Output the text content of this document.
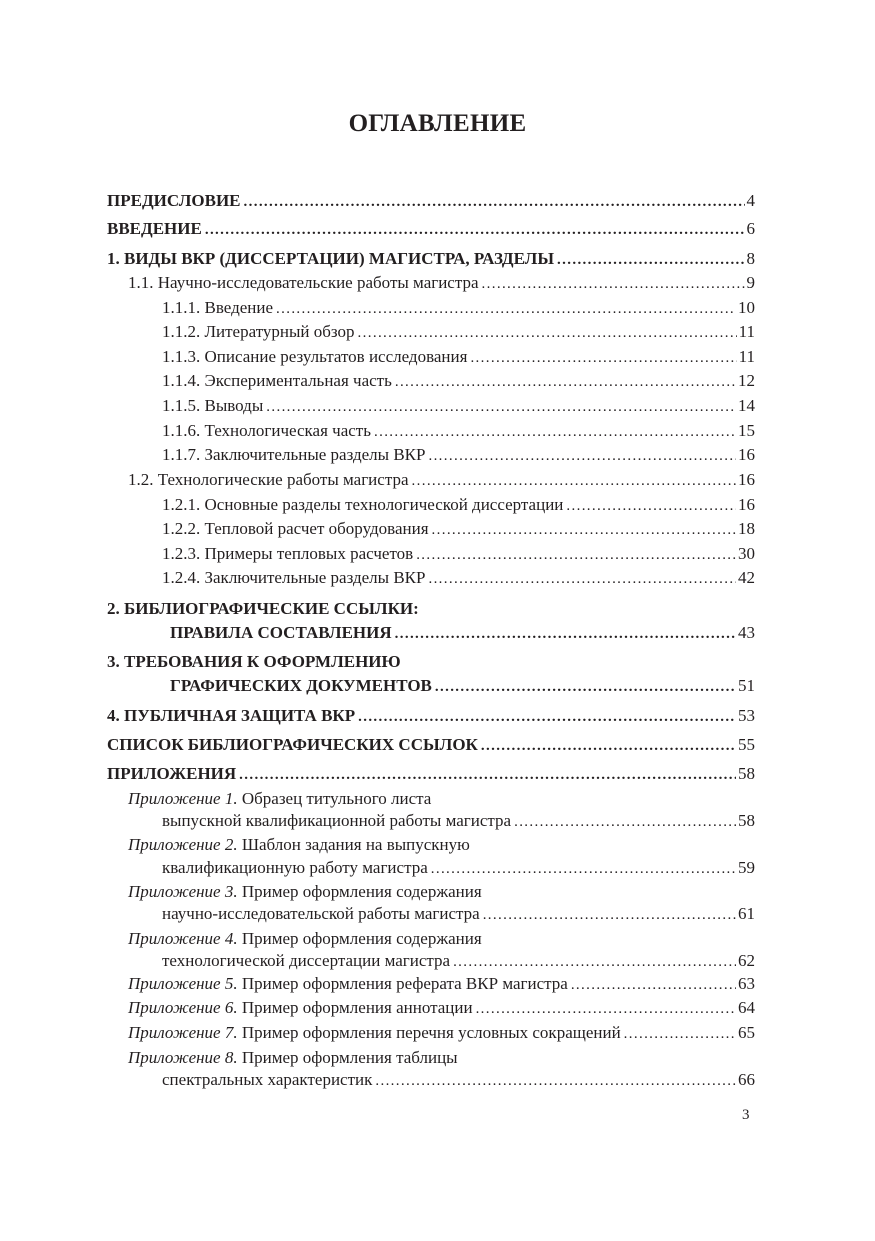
ОГЛАВЛЕНИЕ
ПРЕДИСЛОВИЕ . . .	4
ВВЕДЕНИЕ . . .	6
1. ВИДЫ ВКР (ДИССЕРТАЦИИ) МАГИСТРА, РАЗДЕЛЫ . . .	8
1.1. Научно-исследовательские работы магистра . . .	9
1.1.1. Введение . . .	10
1.1.2. Литературный обзор . . .	11
1.1.3. Описание результатов исследования . . .	11
1.1.4. Экспериментальная часть . . .	12
1.1.5. Выводы . . .	14
1.1.6. Технологическая часть . . .	15
1.1.7. Заключительные разделы ВКР . . .	16
1.2. Технологические работы магистра . . .	16
1.2.1. Основные разделы технологической диссертации . . .	16
1.2.2. Тепловой расчет оборудования . . .	18
1.2.3. Примеры тепловых расчетов . . .	30
1.2.4. Заключительные разделы ВКР . . .	42
2. БИБЛИОГРАФИЧЕСКИЕ ССЫЛКИ:
ПРАВИЛА СОСТАВЛЕНИЯ . . .	43
3. ТРЕБОВАНИЯ К ОФОРМЛЕНИЮ
ГРАФИЧЕСКИХ ДОКУМЕНТОВ . . .	51
4. ПУБЛИЧНАЯ ЗАЩИТА ВКР . . .	53
СПИСОК БИБЛИОГРАФИЧЕСКИХ ССЫЛОК . . .	55
ПРИЛОЖЕНИЯ . . .	58
Приложение 1. Образец титульного листа
выпускной квалификационной работы магистра . . .	58
Приложение 2. Шаблон задания на выпускную
квалификационную работу магистра . . .	59
Приложение 3. Пример оформления содержания
научно-исследовательской работы магистра . . .	61
Приложение 4. Пример оформления содержания
технологической диссертации магистра . . .	62
Приложение 5. Пример оформления реферата ВКР магистра . . .	63
Приложение 6. Пример оформления аннотации . . .	64
Приложение 7. Пример оформления перечня условных сокращений . . .	65
Приложение 8. Пример оформления таблицы
спектральных характеристик . . .	66
3
